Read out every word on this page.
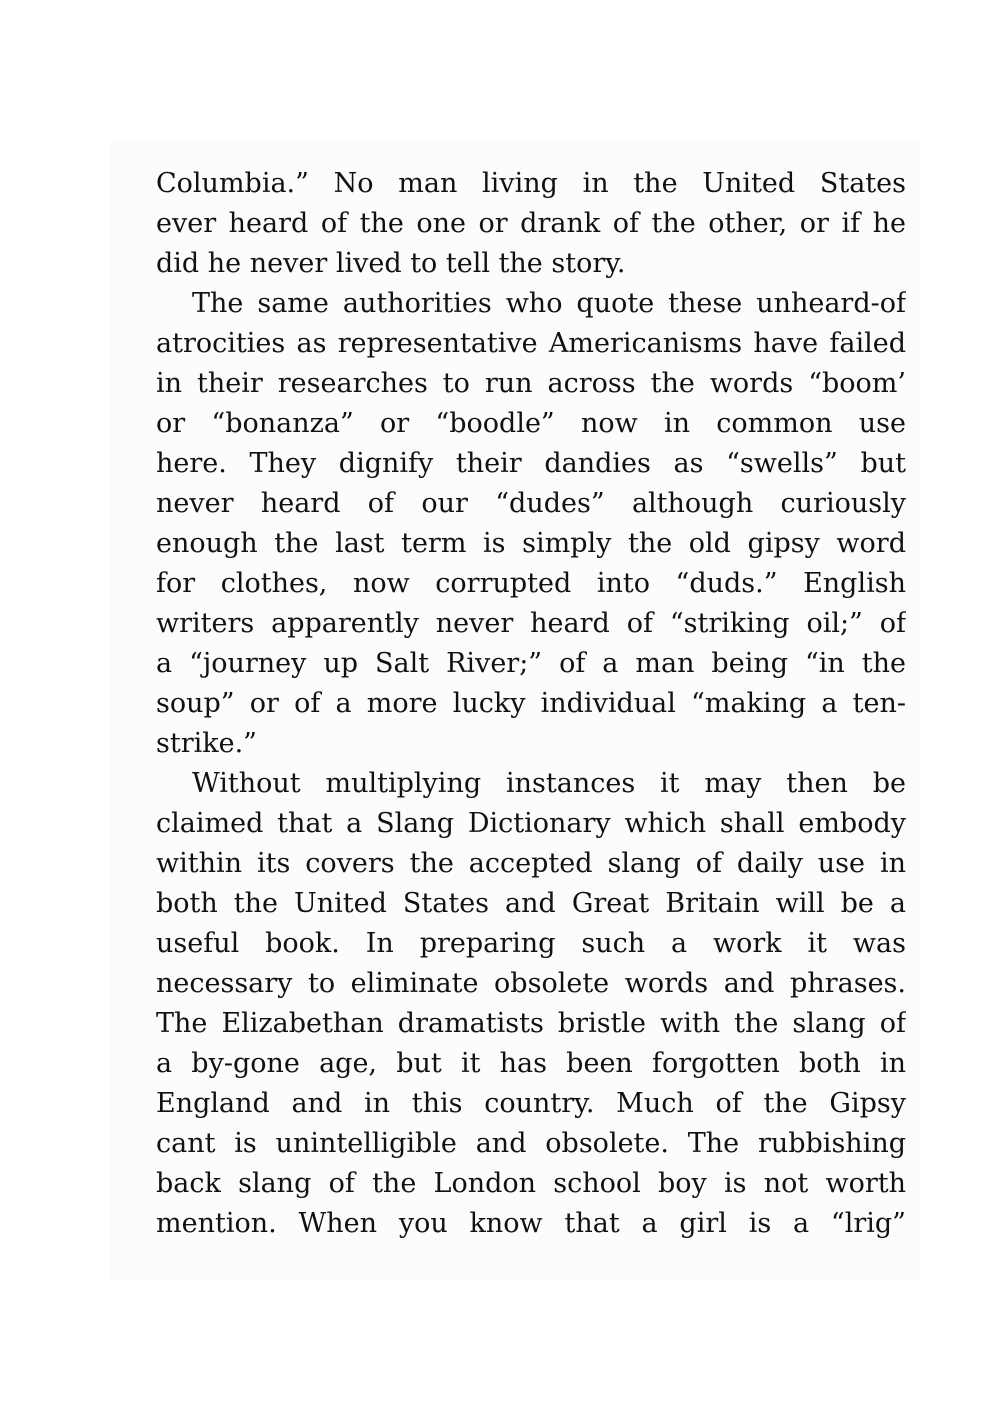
Columbia.” No man living in the United States
ever heard of the one or drank of the other, or if he
did he never lived to tell the story.
The same authorities who quote these unheard-of
atrocities as representative Americanisms have failed
in their researches to run across the words “boom’
or “bonanza” or “boodle” now in common use
here. They dignify their dandies as “swells” but
never heard of our “dudes” although curiously
enough the last term is simply the old gipsy word
for clothes, now corrupted into “duds.” English
writers apparently never heard of “striking oil;” of
a “journey up Salt River;” of a man being “in the
soup” or of a more lucky individual “making a ten-
strike.”
Without multiplying instances it may then be
claimed that a Slang Dictionary which shall embody
within its covers the accepted slang of daily use in
both the United States and Great Britain will be a
useful book. In preparing such a work it was
necessary to eliminate obsolete words and phrases.
The Elizabethan dramatists bristle with the slang of
a by-gone age, but it has been forgotten both in
England and in this country. Much of the Gipsy
cant is unintelligible and obsolete. The rubbishing
back slang of the London school boy is not worth
mention. When you know that a girl is a “lrig”
